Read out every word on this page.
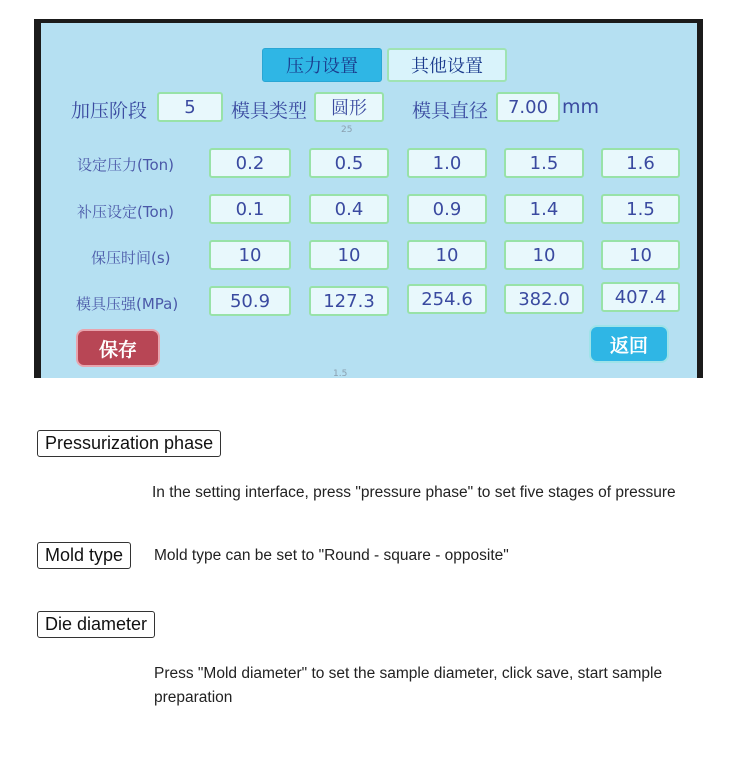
压力设置	其他设置
加压阶段	5	模具类型	圆形	模具直径	7.00 mm
25
设定压力(Ton)	0.2	0.5	1.0	1.5	1.6
补压设定(Ton)	0.1	0.4	0.9	1.4	1.5
保压时间(s)	10	10	10	10	10
模具压强(MPa)	50.9	127.3	254.6	382.0	407.4
保存	返回
1.5
Pressurization phase
In the setting interface, press "pressure phase" to set five stages of pressure
Mold type	Mold type can be set to "Round - square - opposite"
Die diameter
Press "Mold diameter" to set the sample diameter, click save, start sample preparation
